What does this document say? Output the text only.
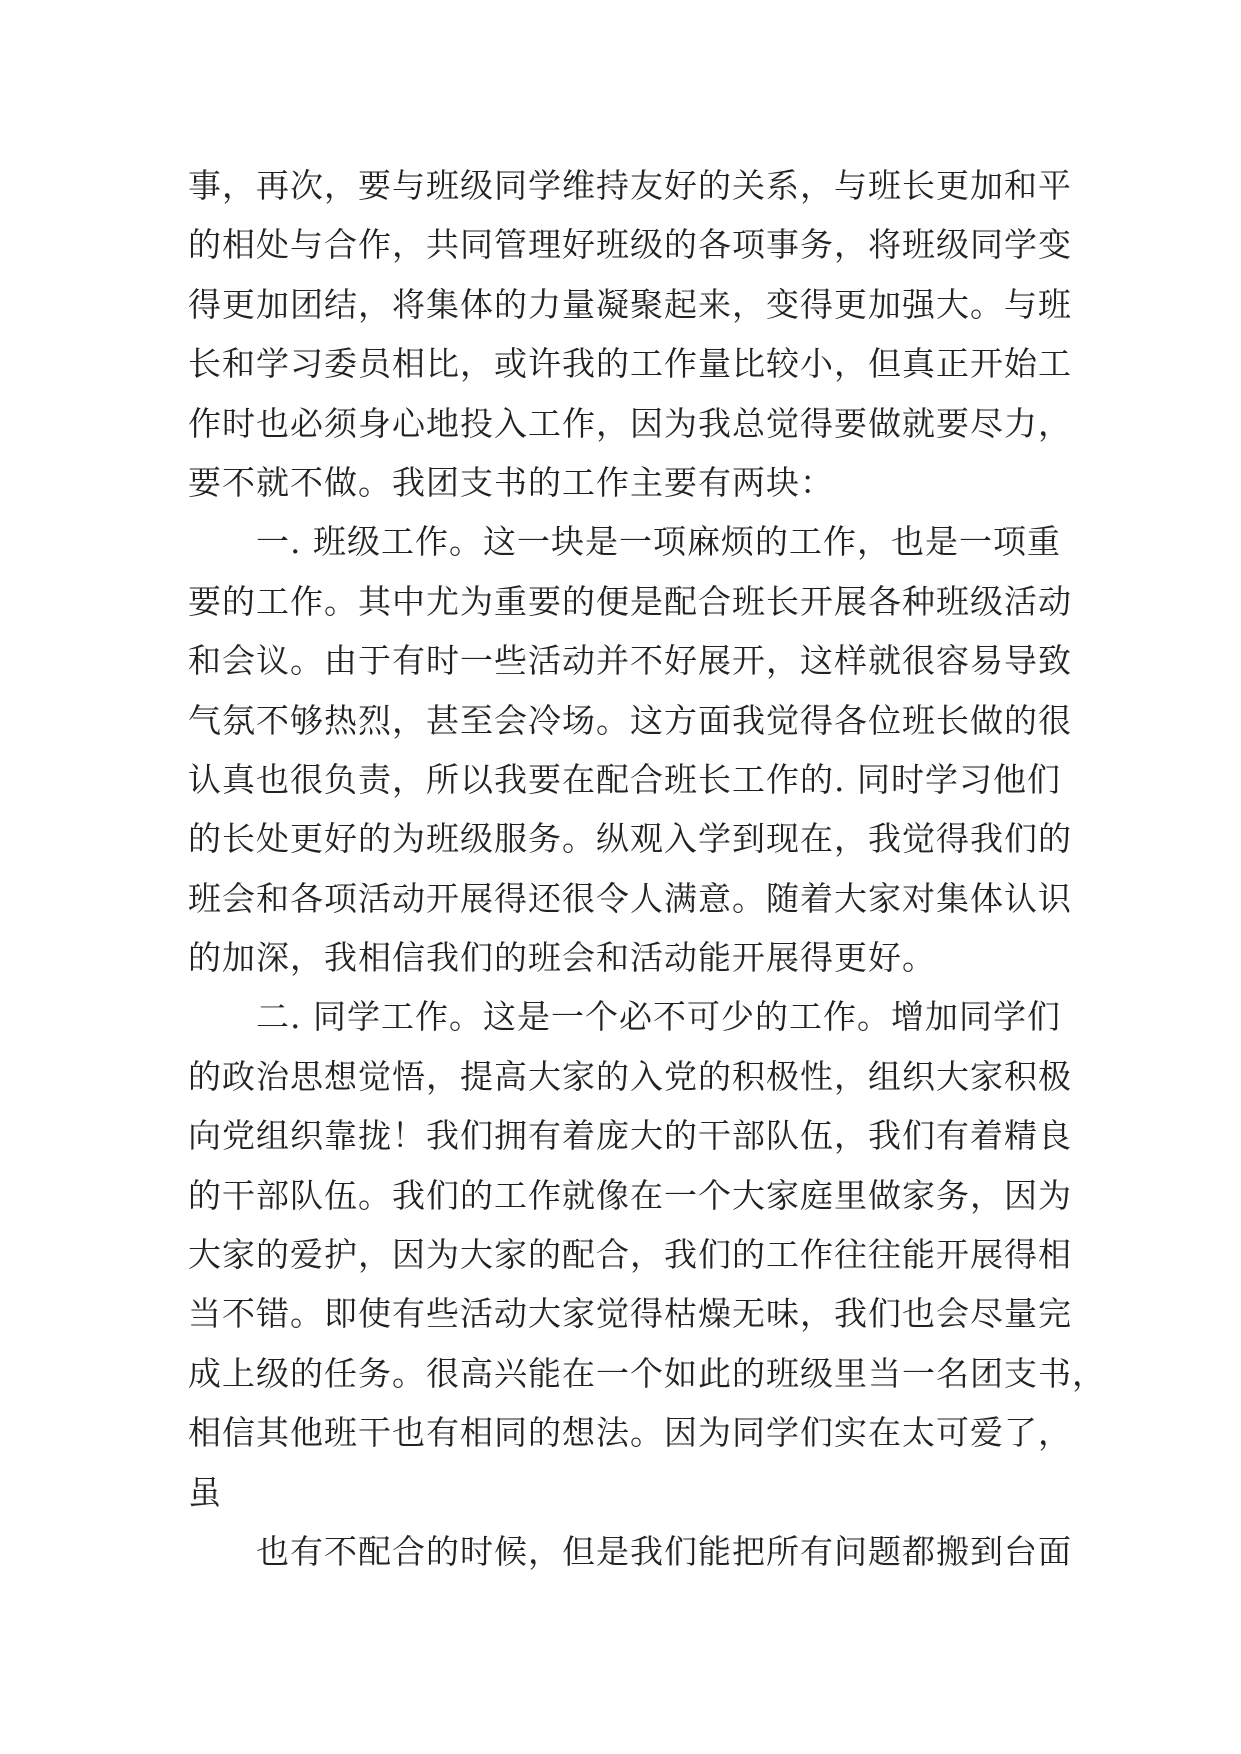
事，再次，要与班级同学维持友好的关系，与班长更加和平
的相处与合作，共同管理好班级的各项事务，将班级同学变
得更加团结，将集体的力量凝聚起来，变得更加强大。与班
长和学习委员相比，或许我的工作量比较小，但真正开始工
作时也必须身心地投入工作，因为我总觉得要做就要尽力，
要不就不做。我团支书的工作主要有两块：
一. 班级工作。这一块是一项麻烦的工作，也是一项重
要的工作。其中尤为重要的便是配合班长开展各种班级活动
和会议。由于有时一些活动并不好展开，这样就很容易导致
气氛不够热烈，甚至会冷场。这方面我觉得各位班长做的很
认真也很负责，所以我要在配合班长工作的. 同时学习他们
的长处更好的为班级服务。纵观入学到现在，我觉得我们的
班会和各项活动开展得还很令人满意。随着大家对集体认识
的加深，我相信我们的班会和活动能开展得更好。
二. 同学工作。这是一个必不可少的工作。增加同学们
的政治思想觉悟，提高大家的入党的积极性，组织大家积极
向党组织靠拢！我们拥有着庞大的干部队伍，我们有着精良
的干部队伍。我们的工作就像在一个大家庭里做家务，因为
大家的爱护，因为大家的配合，我们的工作往往能开展得相
当不错。即使有些活动大家觉得枯燥无味，我们也会尽量完
成上级的任务。很高兴能在一个如此的班级里当一名团支书，
相信其他班干也有相同的想法。因为同学们实在太可爱了，
虽
也有不配合的时候，但是我们能把所有问题都搬到台面
